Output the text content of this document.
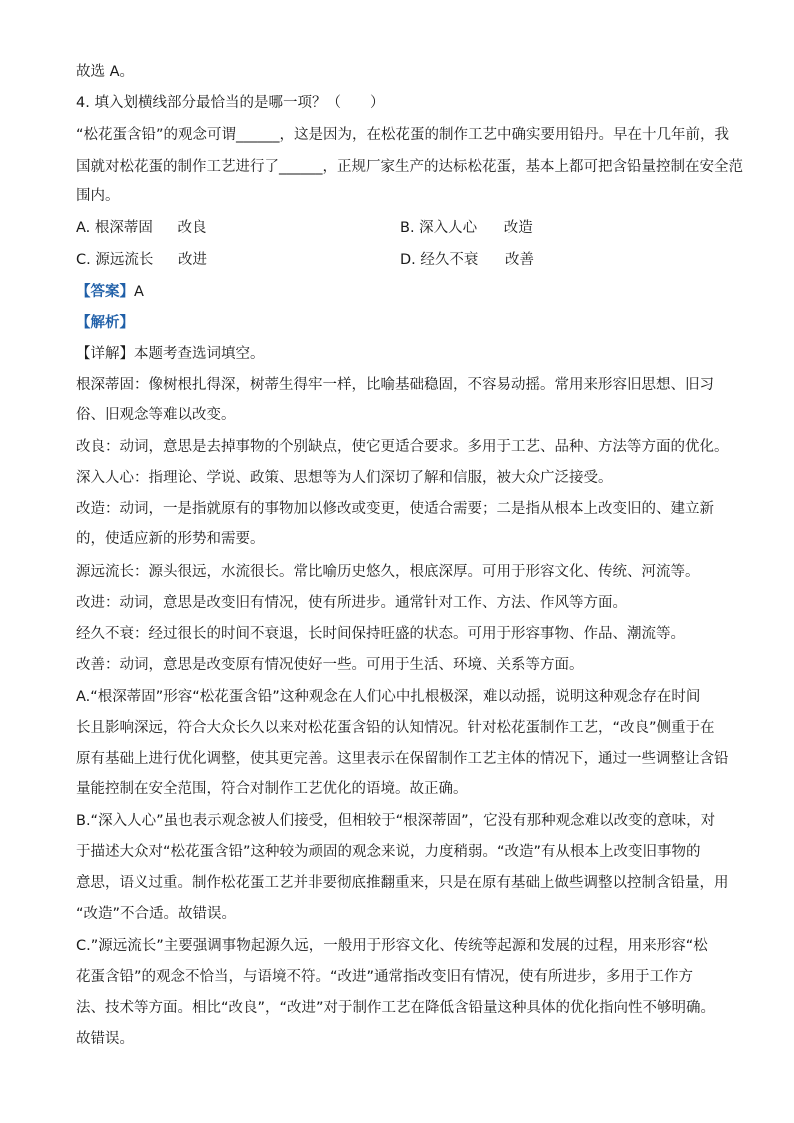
故选 A。
4. 填入划横线部分最恰当的是哪一项？（　　）
“松花蛋含铅”的观念可谓______，这是因为，在松花蛋的制作工艺中确实要用铅丹。早在十几年前，我
国就对松花蛋的制作工艺进行了______，正规厂家生产的达标松花蛋，基本上都可把含铅量控制在安全范
围内。
A. 根深蒂固 改良	B. 深入人心 改造
C. 源远流长 改进	D. 经久不衰 改善
【答案】A
【解析】
【详解】本题考查选词填空。
根深蒂固：像树根扎得深，树蒂生得牢一样，比喻基础稳固，不容易动摇。常用来形容旧思想、旧习
俗、旧观念等难以改变。
改良：动词，意思是去掉事物的个别缺点，使它更适合要求。多用于工艺、品种、方法等方面的优化。
深入人心：指理论、学说、政策、思想等为人们深切了解和信服，被大众广泛接受。
改造：动词，一是指就原有的事物加以修改或变更，使适合需要；二是指从根本上改变旧的、建立新
的，使适应新的形势和需要。
源远流长：源头很远，水流很长。常比喻历史悠久，根底深厚。可用于形容文化、传统、河流等。
改进：动词，意思是改变旧有情况，使有所进步。通常针对工作、方法、作风等方面。
经久不衰：经过很长的时间不衰退，长时间保持旺盛的状态。可用于形容事物、作品、潮流等。
改善：动词，意思是改变原有情况使好一些。可用于生活、环境、关系等方面。
A.“根深蒂固”形容“松花蛋含铅”这种观念在人们心中扎根极深，难以动摇，说明这种观念存在时间
长且影响深远，符合大众长久以来对松花蛋含铅的认知情况。针对松花蛋制作工艺，“改良”侧重于在
原有基础上进行优化调整，使其更完善。这里表示在保留制作工艺主体的情况下，通过一些调整让含铅
量能控制在安全范围，符合对制作工艺优化的语境。故正确。
B.“深入人心”虽也表示观念被人们接受，但相较于“根深蒂固”，它没有那种观念难以改变的意味，对
于描述大众对“松花蛋含铅”这种较为顽固的观念来说，力度稍弱。“改造”有从根本上改变旧事物的
意思，语义过重。制作松花蛋工艺并非要彻底推翻重来，只是在原有基础上做些调整以控制含铅量，用
“改造”不合适。故错误。
C.”源远流长”主要强调事物起源久远，一般用于形容文化、传统等起源和发展的过程，用来形容“松
花蛋含铅”的观念不恰当，与语境不符。“改进”通常指改变旧有情况，使有所进步，多用于工作方
法、技术等方面。相比“改良”，“改进”对于制作工艺在降低含铅量这种具体的优化指向性不够明确。
故错误。
